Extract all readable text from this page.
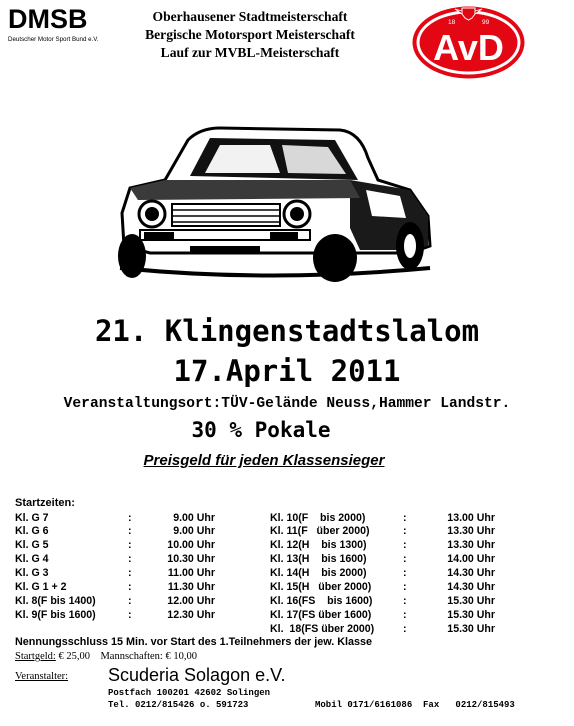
DMSB
Deutscher Motor Sport Bund e.V.
Oberhausener Stadtmeisterschaft
Bergische Motorsport Meisterschaft
Lauf zur MVBL-Meisterschaft
18	99
AvD
21. Klingenstadtslalom
17.April 2011
Veranstaltungsort:TÜV-Gelände Neuss,Hammer Landstr.
30 % Pokale
Preisgeld für jeden Klassensieger
Startzeiten:
Kl. G 7	:	9.00 Uhr
Kl. G 6	:	9.00 Uhr
Kl. G 5	:	10.00 Uhr
Kl. G 4	:	10.30 Uhr
Kl. G 3	:	11.00 Uhr
Kl. G 1 + 2	:	11.30 Uhr
Kl. 8(F bis 1400)	:	12.00 Uhr
Kl. 9(F bis 1600)	:	12.30 Uhr
Kl. 10(F    bis 2000)	:	13.00 Uhr
Kl. 11(F   über 2000)	:	13.30 Uhr
Kl. 12(H    bis 1300)	:	13.30 Uhr
Kl. 13(H    bis 1600)	:	14.00 Uhr
Kl. 14(H    bis 2000)	:	14.30 Uhr
Kl. 15(H   über 2000)	:	14.30 Uhr
Kl. 16(FS    bis 1600)	:	15.30 Uhr
Kl. 17(FS über 1600)	:	15.30 Uhr
Kl.  18(FS über 2000)	:	15.30 Uhr
Nennungsschluss 15 Min. vor Start des 1.Teilnehmers der jew. Klasse
Startgeld: € 25,00 Mannschaften: € 10,00
Veranstalter: Scuderia Solagon e.V.
Postfach 100201 42602 Solingen
Tel. 0212/815426 o. 591723	Mobil 0171/6161086  Fax   0212/815493
